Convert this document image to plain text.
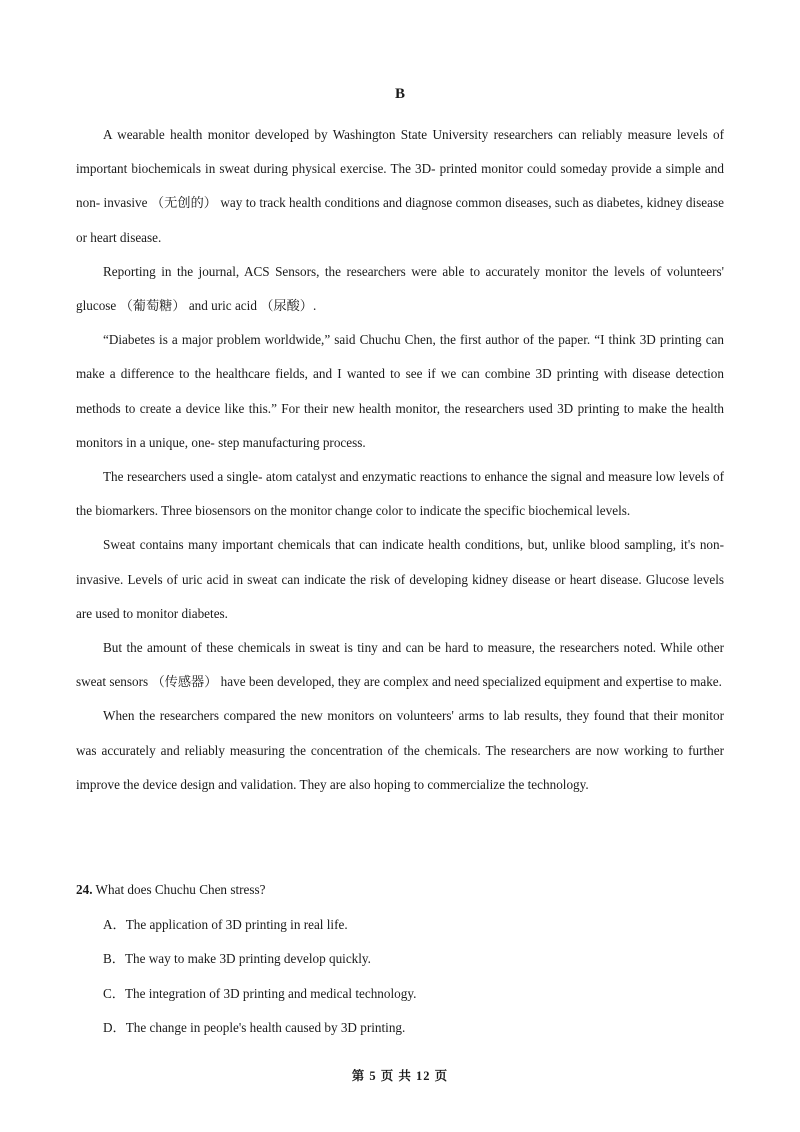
B

A wearable health monitor developed by Washington State University researchers can reliably measure levels of important biochemicals in sweat during physical exercise. The 3D- printed monitor could someday provide a simple and non- invasive （无创的） way to track health conditions and diagnose common diseases, such as diabetes, kidney disease or heart disease.

Reporting in the journal, ACS Sensors, the researchers were able to accurately monitor the levels of volunteers' glucose （葡萄糖） and uric acid （尿酸）.

“Diabetes is a major problem worldwide,” said Chuchu Chen, the first author of the paper. “I think 3D printing can make a difference to the healthcare fields, and I wanted to see if we can combine 3D printing with disease detection methods to create a device like this.” For their new health monitor, the researchers used 3D printing to make the health monitors in a unique, one- step manufacturing process.

The researchers used a single- atom catalyst and enzymatic reactions to enhance the signal and measure low levels of the biomarkers. Three biosensors on the monitor change color to indicate the specific biochemical levels.

Sweat contains many important chemicals that can indicate health conditions, but, unlike blood sampling, it's non- invasive. Levels of uric acid in sweat can indicate the risk of developing kidney disease or heart disease. Glucose levels are used to monitor diabetes.

But the amount of these chemicals in sweat is tiny and can be hard to measure, the researchers noted. While other sweat sensors （传感器） have been developed, they are complex and need specialized equipment and expertise to make.

When the researchers compared the new monitors on volunteers' arms to lab results, they found that their monitor was accurately and reliably measuring the concentration of the chemicals. The researchers are now working to further improve the device design and validation. They are also hoping to commercialize the technology.

24. What does Chuchu Chen stress?

A．The application of 3D printing in real life.
B．The way to make 3D printing develop quickly.
C．The integration of 3D printing and medical technology.
D．The change in people's health caused by 3D printing.
第 5 页 共 12 页
